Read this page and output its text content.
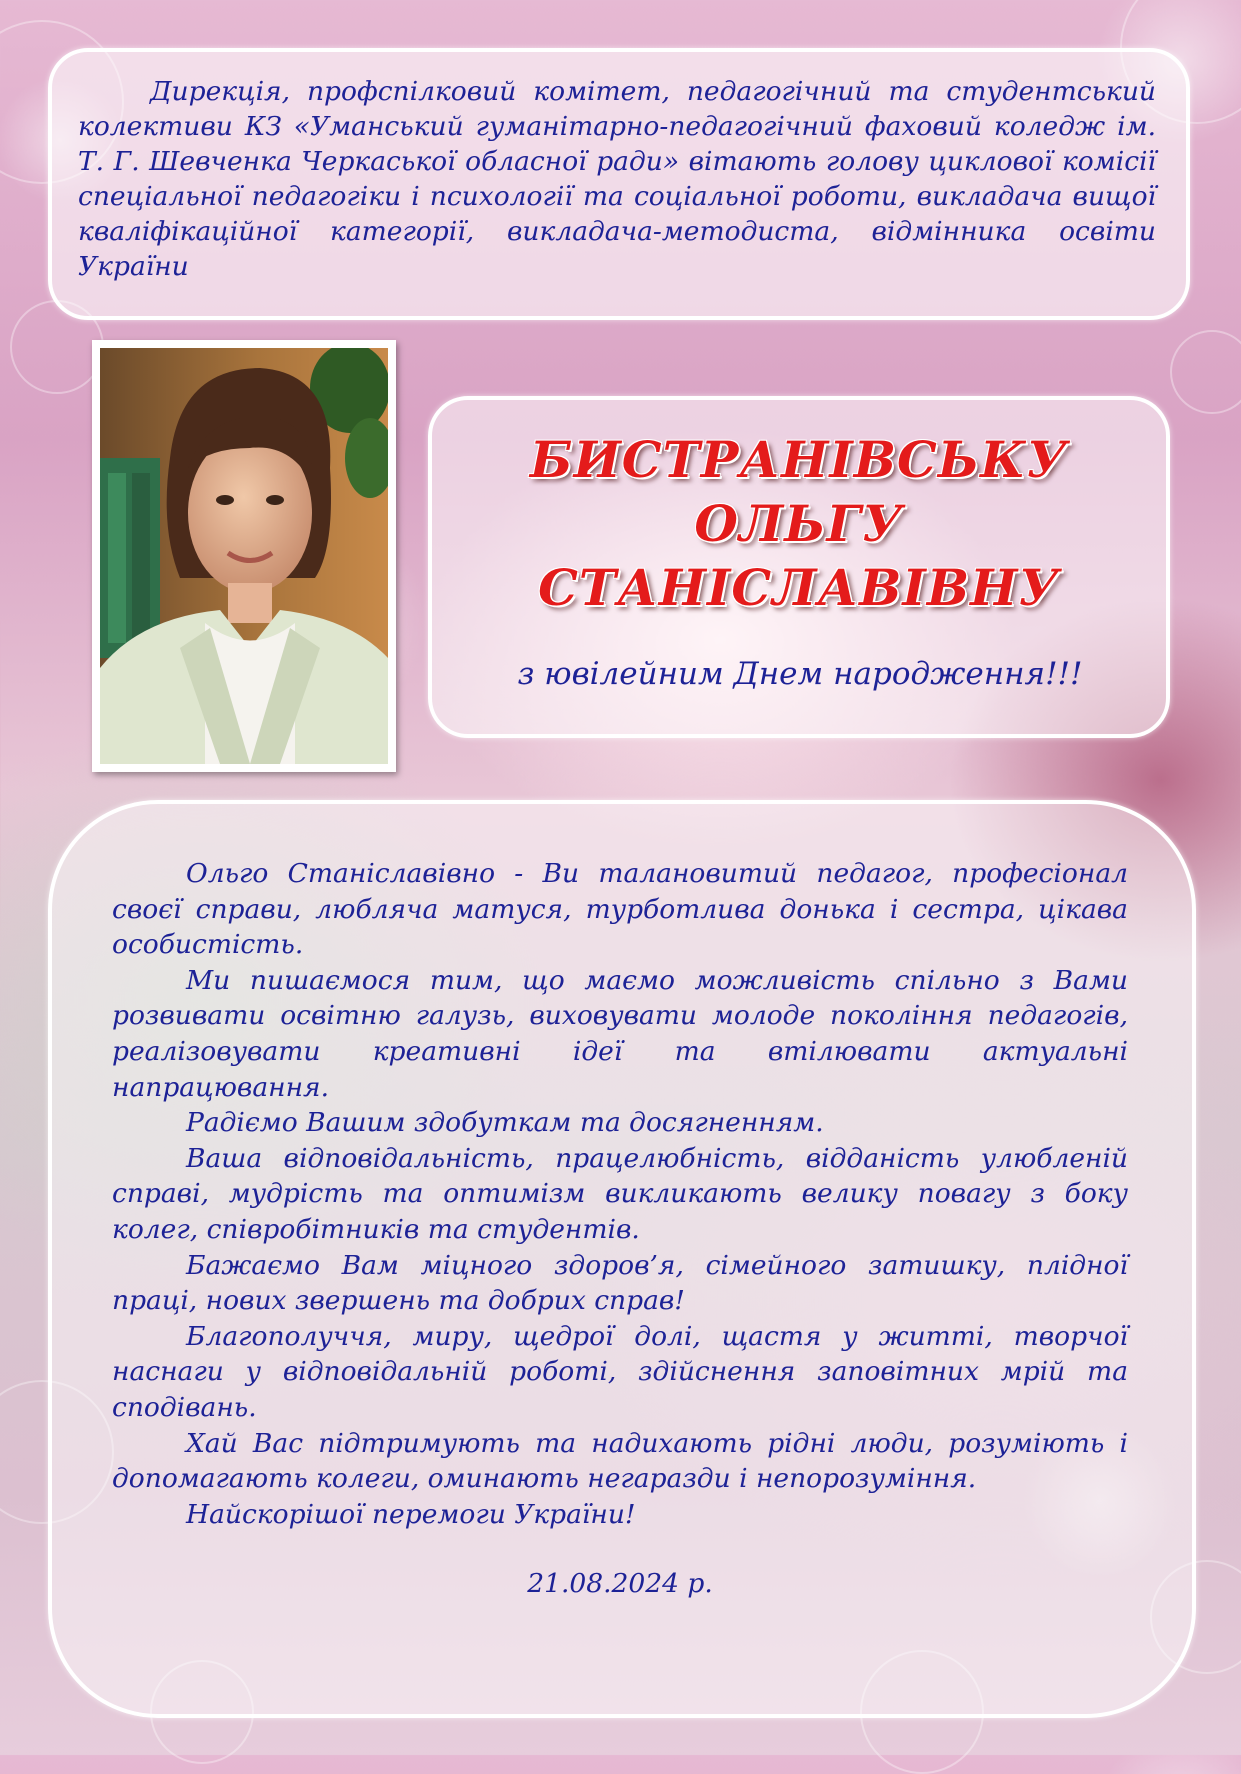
Дирекція, профспілковий комітет, педагогічний та студентський колективи КЗ «Уманський гуманітарно-педагогічний фаховий коледж ім. Т. Г. Шевченка Черкаської обласної ради» вітають голову циклової комісії спеціальної педагогіки і психології та соціальної роботи, викладача вищої кваліфікаційної категорії, викладача-методиста, відмінника освіти України

БИСТРАНІВСЬКУ
ОЛЬГУ
СТАНІСЛАВІВНУ

з ювілейним Днем народження!!!

Ольго Станіславівно - Ви талановитий педагог, професіонал своєї справи, любляча матуся, турботлива донька і сестра, цікава особистість.

Ми пишаємося тим, що маємо можливість спільно з Вами розвивати освітню галузь, виховувати молоде покоління педагогів, реалізовувати креативні ідеї та втілювати актуальні напрацювання.

Радіємо Вашим здобуткам та досягненням.

Ваша відповідальність, працелюбність, відданість улюбленій справі, мудрість та оптимізм викликають велику повагу з боку колег, співробітників та студентів.

Бажаємо Вам міцного здоров’я, сімейного затишку, плідної праці, нових звершень та добрих справ!

Благополуччя, миру, щедрої долі, щастя у житті, творчої наснаги у відповідальній роботі, здійснення заповітних мрій та сподівань.

Хай Вас підтримують та надихають рідні люди, розуміють і допомагають колеги, оминають негаразди і непорозуміння.

Найскорішої перемоги України!

21.08.2024 р.
